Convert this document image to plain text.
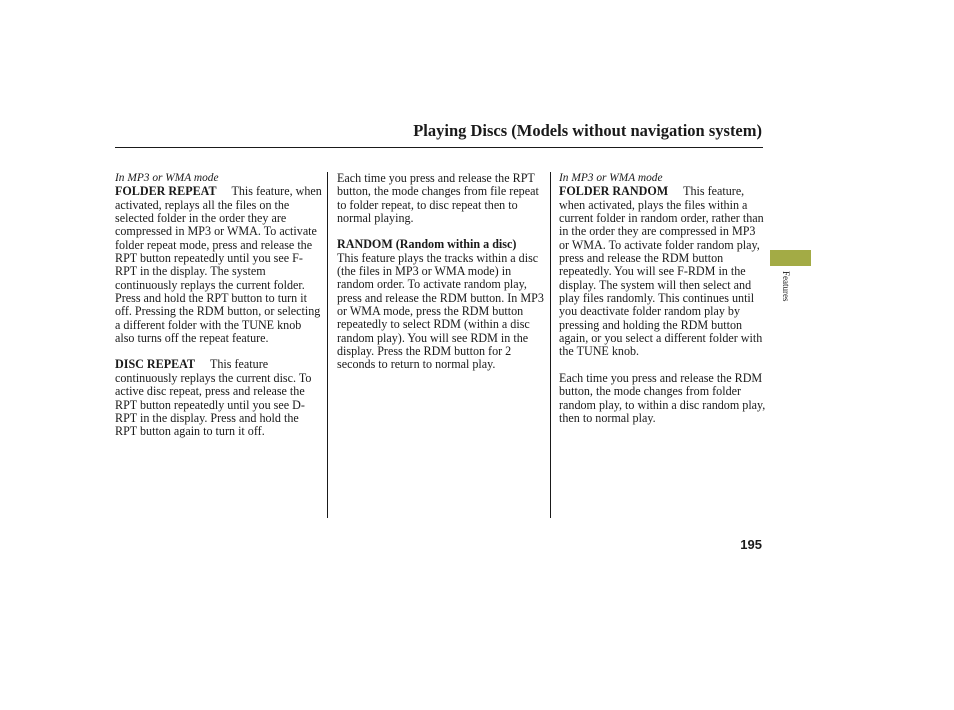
Playing Discs (Models without navigation system)
In MP3 or WMA mode

FOLDER REPEAT This feature, when activated, replays all the files on the selected folder in the order they are compressed in MP3 or WMA. To activate folder repeat mode, press and release the RPT button repeatedly until you see F-RPT in the display. The system continuously replays the current folder. Press and hold the RPT button to turn it off. Pressing the RDM button, or selecting a different folder with the TUNE knob also turns off the repeat feature.

DISC REPEAT This feature continuously replays the current disc. To active disc repeat, press and release the RPT button repeatedly until you see D-RPT in the display. Press and hold the RPT button again to turn it off.

Each time you press and release the RPT button, the mode changes from file repeat to folder repeat, to disc repeat then to normal playing.

RANDOM (Random within a disc)     This feature plays the tracks within a disc (the files in MP3 or WMA mode) in random order. To activate random play, press and release the RDM button. In MP3 or WMA mode, press the RDM button repeatedly to select RDM (within a disc random play). You will see RDM in the display. Press the RDM button for 2 seconds to return to normal play.

In MP3 or WMA mode

FOLDER RANDOM This feature, when activated, plays the files within a current folder in random order, rather than in the order they are compressed in MP3 or WMA. To activate folder random play, press and release the RDM button repeatedly. You will see F-RDM in the display. The system will then select and play files randomly. This continues until you deactivate folder random play by pressing and holding the RDM button again, or you select a different folder with the TUNE knob.

Each time you press and release the RDM button, the mode changes from folder random play, to within a disc random play, then to normal play.

Features
195
